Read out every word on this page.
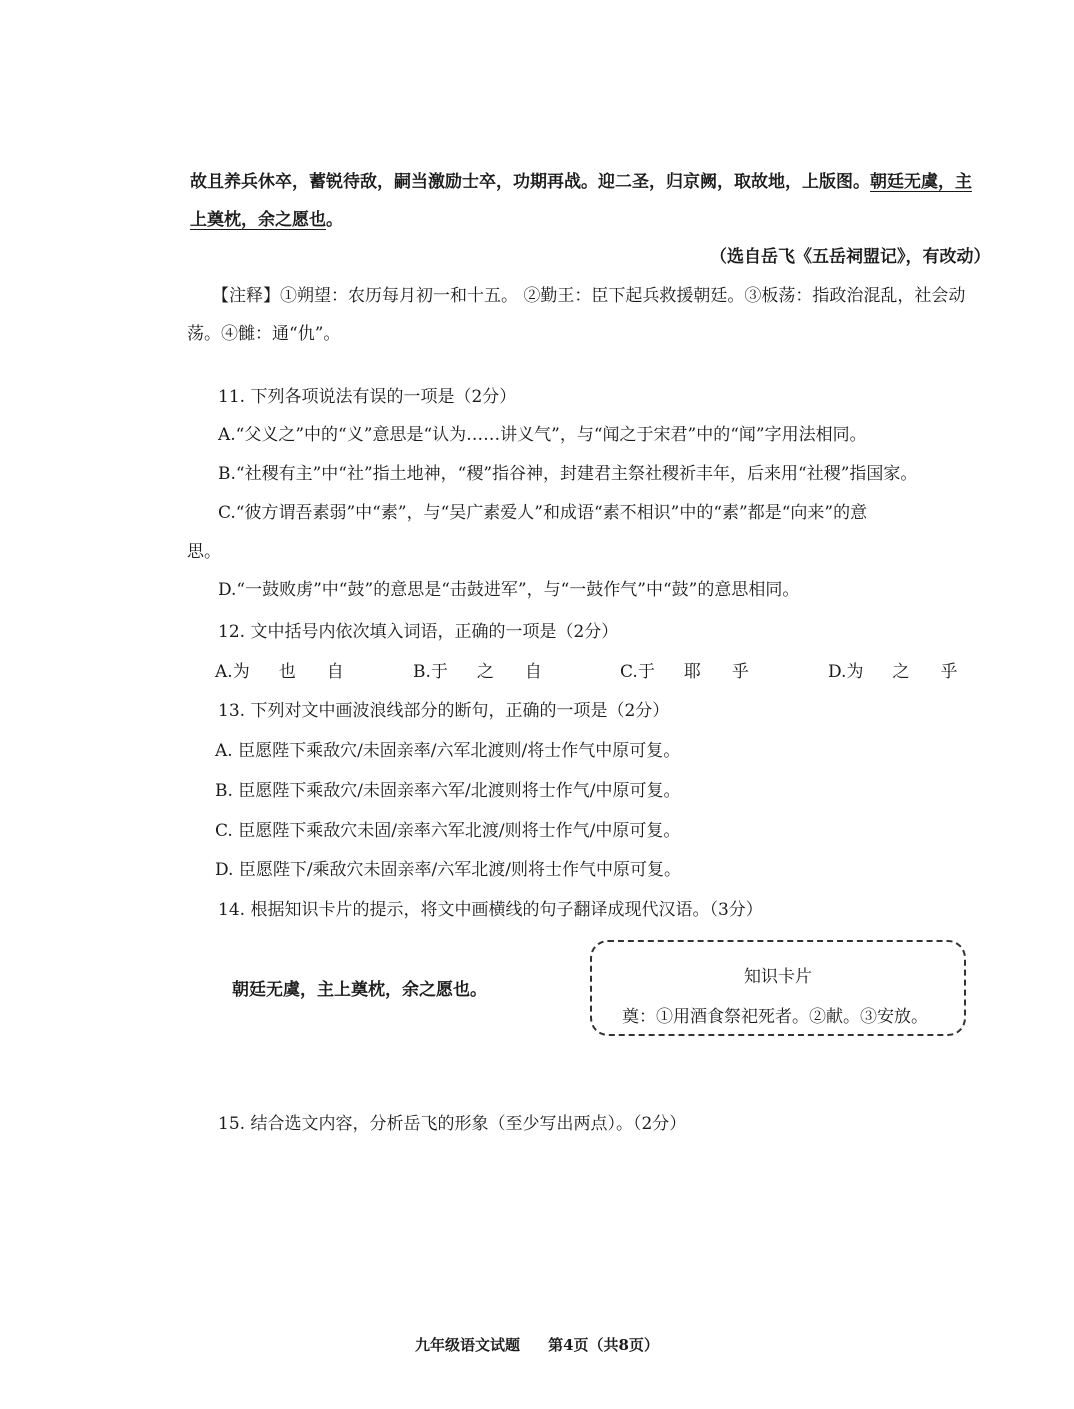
故且养兵休卒，蓄锐待敌，嗣当激励士卒，功期再战。迎二圣，归京阙，取故地，上版图。朝廷无虞，主
上奠枕，余之愿也。
（选自岳飞《五岳祠盟记》，有改动）
【注释】①朔望：农历每月初一和十五。 ②勤王：臣下起兵救援朝廷。③板荡：指政治混乱，社会动
荡。④雠：通“仇”。
11. 下列各项说法有误的一项是（2分）
A.“父义之”中的“义”意思是“认为……讲义气”，与“闻之于宋君”中的“闻”字用法相同。
B.“社稷有主”中“社”指土地神，“稷”指谷神，封建君主祭社稷祈丰年，后来用“社稷”指国家。
C.“彼方谓吾素弱”中“素”，与“吴广素爱人”和成语“素不相识”中的“素”都是“向来”的意
思。
D.“一鼓败虏”中“鼓”的意思是“击鼓进军”，与“一鼓作气”中“鼓”的意思相同。
12. 文中括号内依次填入词语，正确的一项是（2分）
A.为 也 自	B.于 之 自	C.于 耶 乎	D.为 之 乎
13. 下列对文中画波浪线部分的断句，正确的一项是（2分）
A. 臣愿陛下乘敌穴/未固亲率/六军北渡则/将士作气中原可复。
B. 臣愿陛下乘敌穴/未固亲率六军/北渡则将士作气/中原可复。
C. 臣愿陛下乘敌穴未固/亲率六军北渡/则将士作气/中原可复。
D. 臣愿陛下/乘敌穴未固亲率/六军北渡/则将士作气中原可复。
14. 根据知识卡片的提示，将文中画横线的句子翻译成现代汉语。（3分）
朝廷无虞，主上奠枕，余之愿也。
知识卡片
奠：①用酒食祭祀死者。②献。③安放。
15. 结合选文内容，分析岳飞的形象（至少写出两点）。（2分）
九年级语文试题 第4页（共8页）
